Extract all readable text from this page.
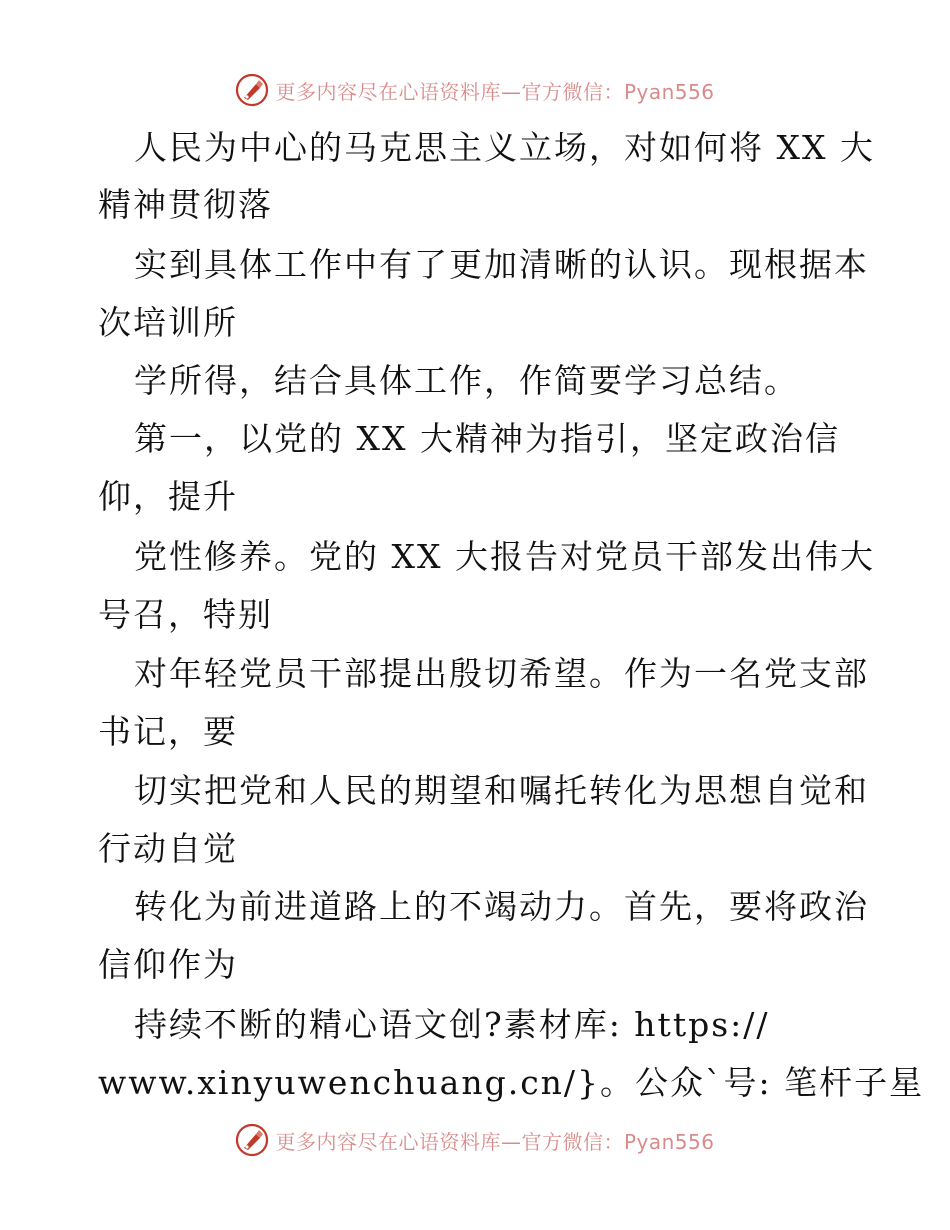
更多内容尽在心语资料库—官方微信：Pyan556
人民为中心的马克思主义立场，对如何将 XX 大
精神贯彻落
实到具体工作中有了更加清晰的认识。现根据本
次培训所
学所得，结合具体工作，作简要学习总结。
第一，以党的 XX 大精神为指引，坚定政治信
仰，提升
党性修养。党的 XX 大报告对党员干部发出伟大
号召，特别
对年轻党员干部提出殷切希望。作为一名党支部
书记，要
切实把党和人民的期望和嘱托转化为思想自觉和
行动自觉
转化为前进道路上的不竭动力。首先，要将政治
信仰作为
持续不断的精心语文创?素材库: https://
www.xinyuwenchuang.cn/}。公众`号: 笔杆子星
更多内容尽在心语资料库—官方微信：Pyan556
